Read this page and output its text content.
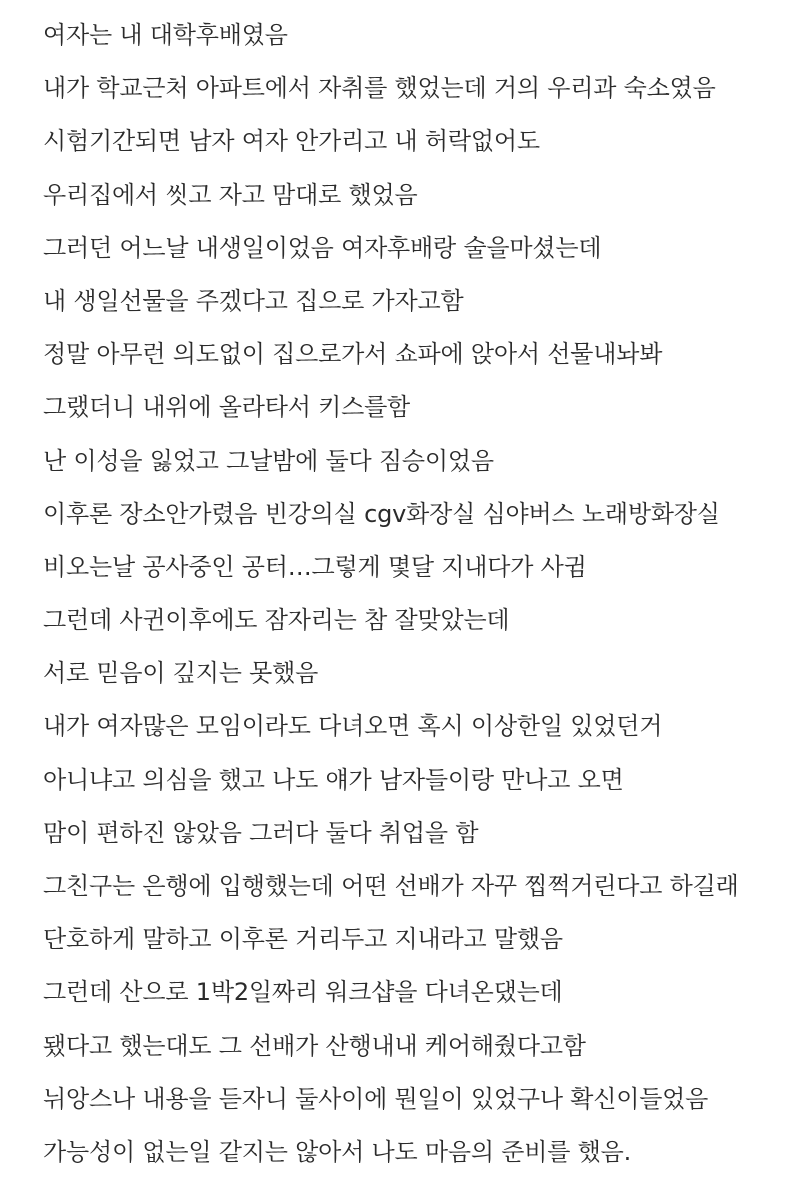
여자는 내 대학후배였음
내가 학교근처 아파트에서 자취를 했었는데 거의 우리과 숙소였음
시험기간되면 남자 여자 안가리고 내 허락없어도
우리집에서 씻고 자고 맘대로 했었음
그러던 어느날 내생일이었음 여자후배랑 술을마셨는데
내 생일선물을 주겠다고 집으로 가자고함
정말 아무런 의도없이 집으로가서 쇼파에 앉아서 선물내놔봐
그랬더니 내위에 올라타서 키스를함
난 이성을 잃었고 그날밤에 둘다 짐승이었음
이후론 장소안가렸음 빈강의실 cgv화장실 심야버스 노래방화장실
비오는날 공사중인 공터…그렇게 몇달 지내다가 사귐
그런데 사귄이후에도 잠자리는 참 잘맞았는데
서로 믿음이 깊지는 못했음
내가 여자많은 모임이라도 다녀오면 혹시 이상한일 있었던거
아니냐고 의심을 했고 나도 얘가 남자들이랑 만나고 오면
맘이 편하진 않았음 그러다 둘다 취업을 함
그친구는 은행에 입행했는데 어떤 선배가 자꾸 찝쩍거린다고 하길래
단호하게 말하고 이후론 거리두고 지내라고 말했음
그런데 산으로 1박2일짜리 워크샵을 다녀온댔는데
됐다고 했는대도 그 선배가 산행내내 케어해줬다고함
뉘앙스나 내용을 듣자니 둘사이에 뭔일이 있었구나 확신이들었음
가능성이 없는일 같지는 않아서 나도 마음의 준비를 했음.
